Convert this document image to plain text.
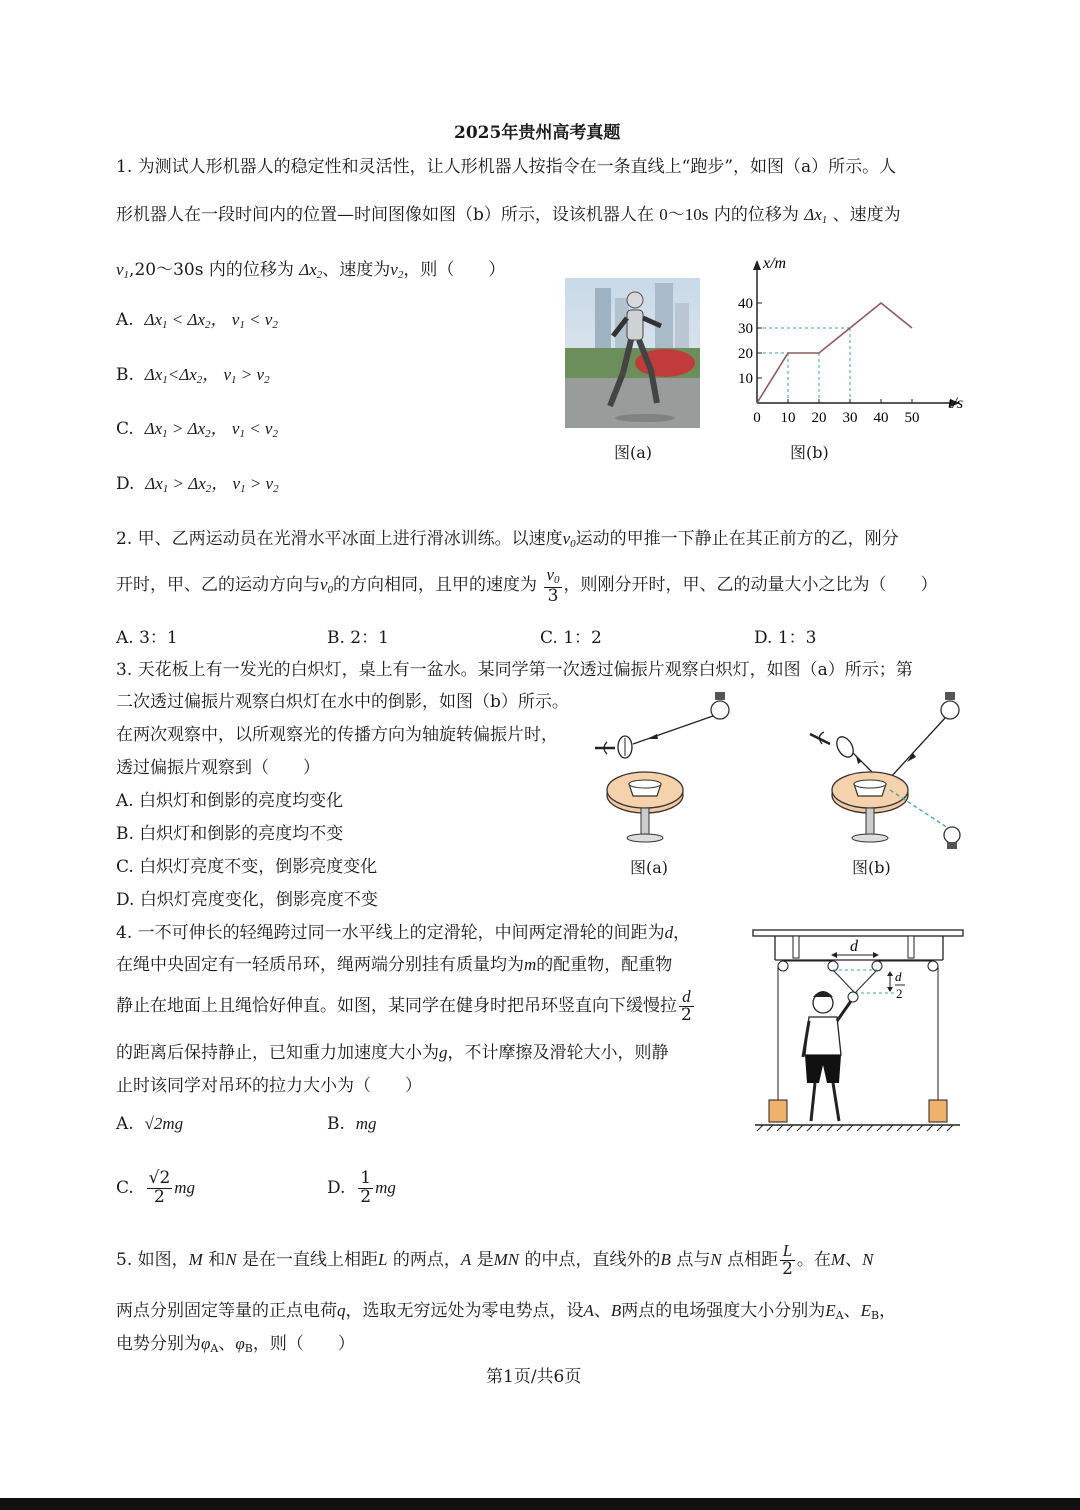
2025年贵州高考真题
1. 为测试人形机器人的稳定性和灵活性，让人形机器人按指令在一条直线上“跑步”，如图（a）所示。人
形机器人在一段时间内的位置—时间图像如图（b）所示，设该机器人在 0～10s 内的位移为 $\Delta x_1$ 、速度为
$v_1,20\sim 30s$ 内的位移为 $\Delta x_2$、速度为$v_2$，则（　　）
A. $\Delta x_1 < \Delta x_2$， $v_1 < v_2$
B. $\Delta x_1<\Delta x_2$， $v_1 > v_2$
C. $\Delta x_1 > \Delta x_2$， $v_1 < v_2$
D. $\Delta x_1 > \Delta x_2$， $v_1 > v_2$
图(a)
0 10 20 30 40 50
10
20
30
40
x/m
t/s
图(b)
2. 甲、乙两运动员在光滑水平冰面上进行滑冰训练。以速度$v_0$运动的甲推一下静止在其正前方的乙，刚分
开时，甲、乙的运动方向与$v_0$的方向相同，且甲的速度为 $\frac{v_0}{3}$ ，则刚分开时，甲、乙的动量大小之比为（　　）
A. 3：1	B. 2：1	C. 1：2	D. 1：3
3. 天花板上有一发光的白炽灯，桌上有一盆水。某同学第一次透过偏振片观察白炽灯，如图（a）所示；第
二次透过偏振片观察白炽灯在水中的倒影，如图（b）所示。
在两次观察中，以所观察光的传播方向为轴旋转偏振片时，
透过偏振片观察到（　　）
A. 白炽灯和倒影的亮度均变化
B. 白炽灯和倒影的亮度均不变
C. 白炽灯亮度不变，倒影亮度变化
D. 白炽灯亮度变化，倒影亮度不变
图(a)	图(b)
4. 一不可伸长的轻绳跨过同一水平线上的定滑轮，中间两定滑轮的间距为d，
在绳中央固定有一轻质吊环，绳两端分别挂有质量均为m的配重物，配重物
静止在地面上且绳恰好伸直。如图，某同学在健身时把吊环竖直向下缓慢拉 $\frac{d}{2}$
的距离后保持静止，已知重力加速度大小为g，不计摩擦及滑轮大小，则静
止时该同学对吊环的拉力大小为（　　）
A. √2mg	B. mg
C. $\frac{√2}{2}$ mg	D. $\frac{1}{2}$ mg
d
d
2
5. 如图，M 和N 是在一直线上相距L 的两点，A 是MN 的中点，直线外的B 点与N 点相距 $\frac{L}{2}$ 。在M、N
两点分别固定等量的正点电荷q，选取无穷远处为零电势点，设A、B两点的电场强度大小分别为$E_A$、$E_B$，
电势分别为$\varphi_A$、$\varphi_B$，则（　　）
第1页/共6页
